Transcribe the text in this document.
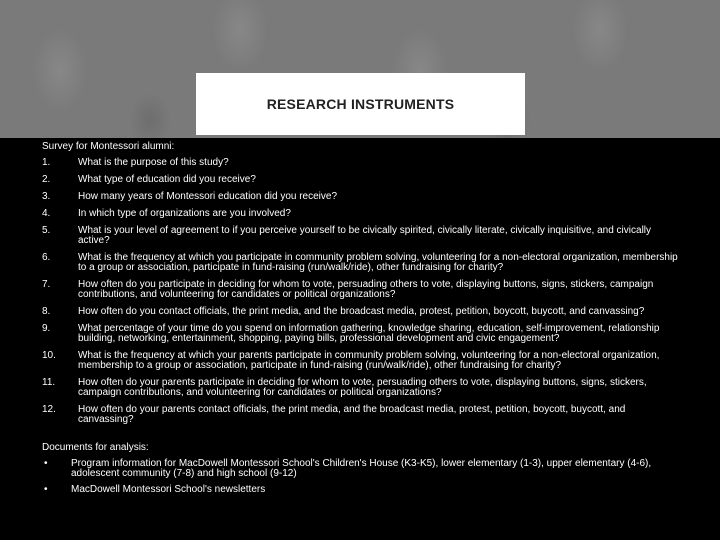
RESEARCH INSTRUMENTS
Survey for Montessori alumni:
1.	What is the purpose of this study?
2.	What type of education did you receive?
3.	How many years of Montessori education did you receive?
4.	In which type of organizations are you involved?
5.	What is your level of agreement to if you perceive yourself to be civically spirited, civically literate, civically inquisitive, and civically active?
6.	What is the frequency at which you participate in community problem solving, volunteering for a non-electoral organization, membership to a group or association, participate in fund-raising (run/walk/ride), other fundraising for charity?
7.	How often do you participate in deciding for whom to vote, persuading others to vote, displaying buttons, signs, stickers, campaign contributions, and volunteering for candidates or political organizations?
8.	How often do you contact officials, the print media, and the broadcast media, protest, petition, boycott, buycott, and canvassing?
9.	What percentage of your time do you spend on information gathering, knowledge sharing, education, self-improvement, relationship building, networking, entertainment, shopping, paying bills, professional development and civic engagement?
10.	What is the frequency at which your parents participate in community problem solving, volunteering for a non-electoral organization, membership to a group or association, participate in fund-raising (run/walk/ride), other fundraising for charity?
11.	How often do your parents participate in deciding for whom to vote, persuading others to vote, displaying buttons, signs, stickers, campaign contributions, and volunteering for candidates or political organizations?
12.	How often do your parents contact officials, the print media, and the broadcast media, protest, petition, boycott, buycott, and canvassing?
Documents for analysis:
•	Program information for MacDowell Montessori School's Children's House (K3-K5), lower elementary (1-3), upper elementary (4-6), adolescent community (7-8) and high school (9-12)
•	MacDowell Montessori School's newsletters
